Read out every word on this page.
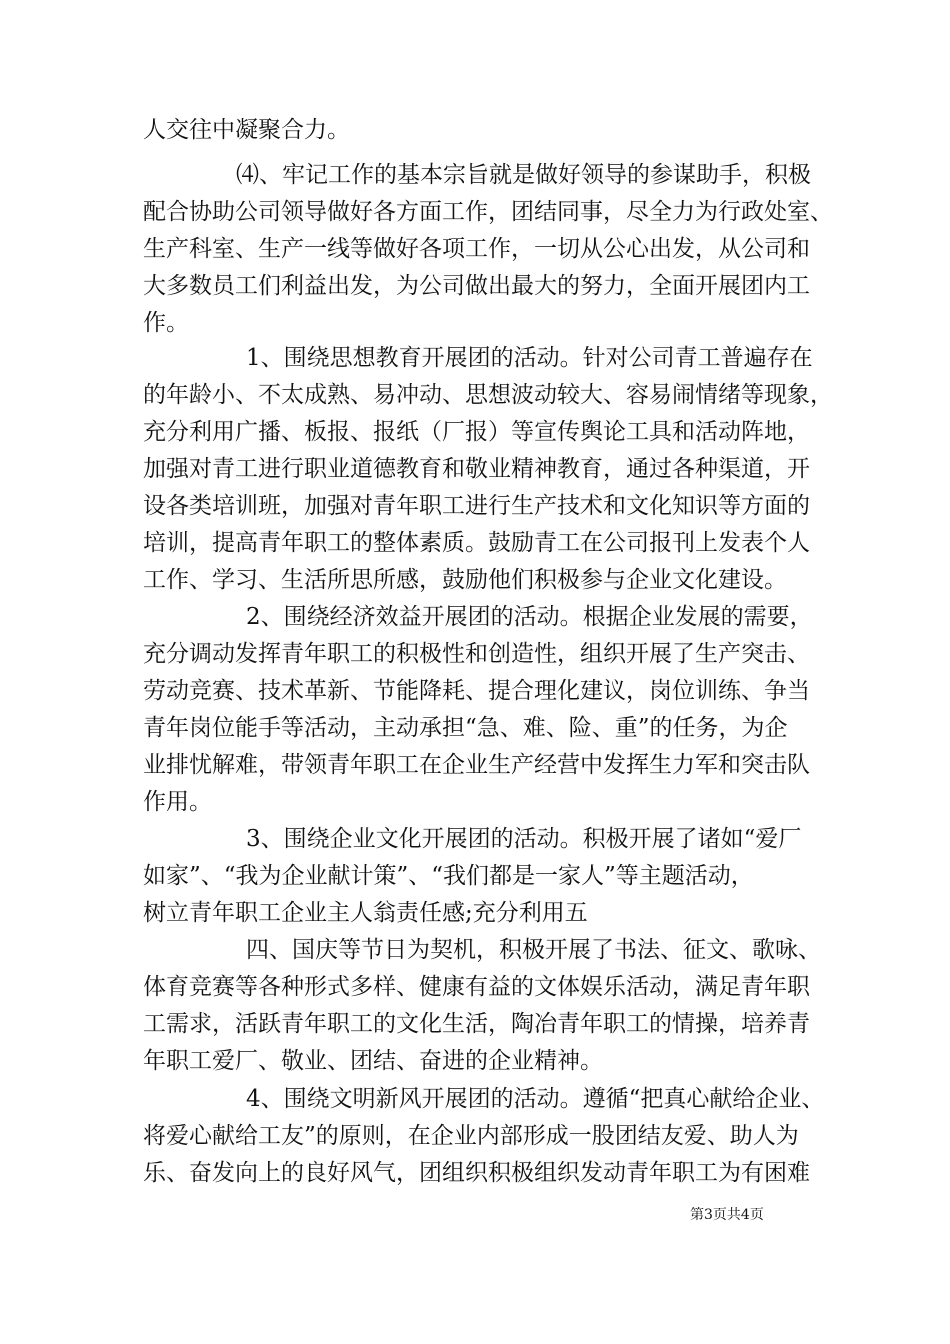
人交往中凝聚合力。

⑷、牢记工作的基本宗旨就是做好领导的参谋助手，积极

配合协助公司领导做好各方面工作，团结同事，尽全力为行政处室、

生产科室、生产一线等做好各项工作，一切从公心出发，从公司和

大多数员工们利益出发，为公司做出最大的努力，全面开展团内工

作。

1、围绕思想教育开展团的活动。针对公司青工普遍存在

的年龄小、不太成熟、易冲动、思想波动较大、容易闹情绪等现象，

充分利用广播、板报、报纸（厂报）等宣传舆论工具和活动阵地，

加强对青工进行职业道德教育和敬业精神教育，通过各种渠道，开

设各类培训班，加强对青年职工进行生产技术和文化知识等方面的

培训，提高青年职工的整体素质。鼓励青工在公司报刊上发表个人

工作、学习、生活所思所感，鼓励他们积极参与企业文化建设。

2、围绕经济效益开展团的活动。根据企业发展的需要，

充分调动发挥青年职工的积极性和创造性，组织开展了生产突击、

劳动竞赛、技术革新、节能降耗、提合理化建议，岗位训练、争当

青年岗位能手等活动，主动承担“急、难、险、重”的任务，为企

业排忧解难，带领青年职工在企业生产经营中发挥生力军和突击队

作用。

3、围绕企业文化开展团的活动。积极开展了诸如“爱厂

如家”、“我为企业献计策”、“我们都是一家人”等主题活动，

树立青年职工企业主人翁责任感;充分利用五

四、国庆等节日为契机，积极开展了书法、征文、歌咏、

体育竞赛等各种形式多样、健康有益的文体娱乐活动，满足青年职

工需求，活跃青年职工的文化生活，陶冶青年职工的情操，培养青

年职工爱厂、敬业、团结、奋进的企业精神。

4、围绕文明新风开展团的活动。遵循“把真心献给企业、

将爱心献给工友”的原则，在企业内部形成一股团结友爱、助人为

乐、奋发向上的良好风气，团组织积极组织发动青年职工为有困难

第3页共4页
